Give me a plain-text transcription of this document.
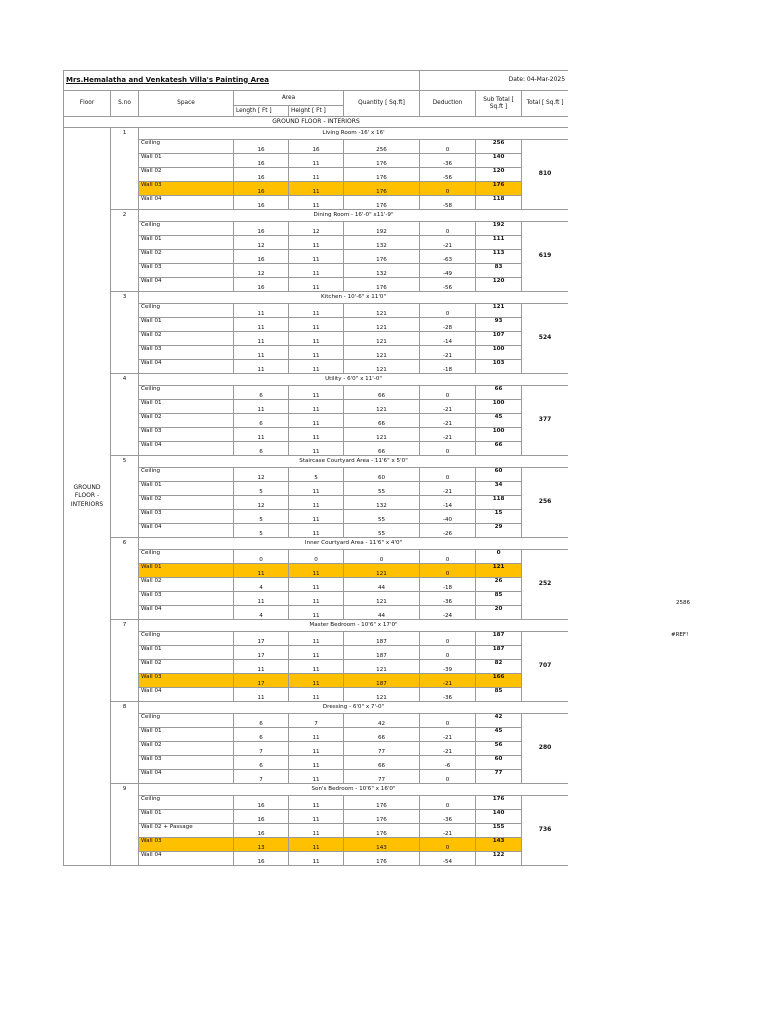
Mrs.Hemalatha and Venkatesh Villa's Painting Area						Date: 04-Mar-2025		
Floor	S.no	Space	Area		Quantity [ Sq.ft]	Deduction	Sub Total [ Sq.ft ]	Total [ Sq.ft ]
			Length [ Ft ]	Height [ Ft ]				
GROUND FLOOR - INTERIORS								
GROUND FLOOR - INTERIORS	1	Living Room -16' x 16'						
		Ceiling	16	16	256	0	256	810
		Wall 01	16	11	176	-36	140	
		Wall 02	16	11	176	-56	120	
		Wall 03	16	11	176	0	176	
		Wall 04	16	11	176	-58	118	
	2	Dining Room - 16'-0" x11'-9"						
		Ceiling	16	12	192	0	192	619
		Wall 01	12	11	132	-21	111	
		Wall 02	16	11	176	-63	113	
		Wall 03	12	11	132	-49	83	
		Wall 04	16	11	176	-56	120	
	3	Kitchen - 10'-6" x 11'0"						
		Ceiling	11	11	121	0	121	524
		Wall 01	11	11	121	-28	93	
		Wall 02	11	11	121	-14	107	
		Wall 03	11	11	121	-21	100	
		Wall 04	11	11	121	-18	103	
	4	Utility - 6'0" x 11'-0"						
		Ceiling	6	11	66	0	66	377
		Wall 01	11	11	121	-21	100	
		Wall 02	6	11	66	-21	45	
		Wall 03	11	11	121	-21	100	
		Wall 04	6	11	66	0	66	
	5	Staircase Courtyard Area - 11'6" x 5'0"						
		Ceiling	12	5	60	0	60	256
		Wall 01	5	11	55	-21	34	
		Wall 02	12	11	132	-14	118	
		Wall 03	5	11	55	-40	15	
		Wall 04	5	11	55	-26	29	
	6	Inner Courtyard Area - 11'6" x 4'0"						
		Ceiling	0	0	0	0	0	252
		Wall 01	11	11	121	0	121	
		Wall 02	4	11	44	-18	26	
		Wall 03	11	11	121	-36	85	
		Wall 04	4	11	44	-24	20	
	7	Master Bedroom - 10'6" x 17'0"						
		Ceiling	17	11	187	0	187	707
		Wall 01	17	11	187	0	187	
		Wall 02	11	11	121	-39	82	
		Wall 03	17	11	187	-21	166	
		Wall 04	11	11	121	-36	85	
	8	Dressing - 6'0" x 7'-0"						
		Ceiling	6	7	42	0	42	280
		Wall 01	6	11	66	-21	45	
		Wall 02	7	11	77	-21	56	
		Wall 03	6	11	66	-6	60	
		Wall 04	7	11	77	0	77	
	9	Son's Bedroom - 10'6" x 16'0"						
		Ceiling	16	11	176	0	176	736
		Wall 01	16	11	176	-36	140	
		Wall 02 + Passage	16	11	176	-21	155	
		Wall 03	13	11	143	0	143	
		Wall 04	16	11	176	-54	122	
2586
#REF!
